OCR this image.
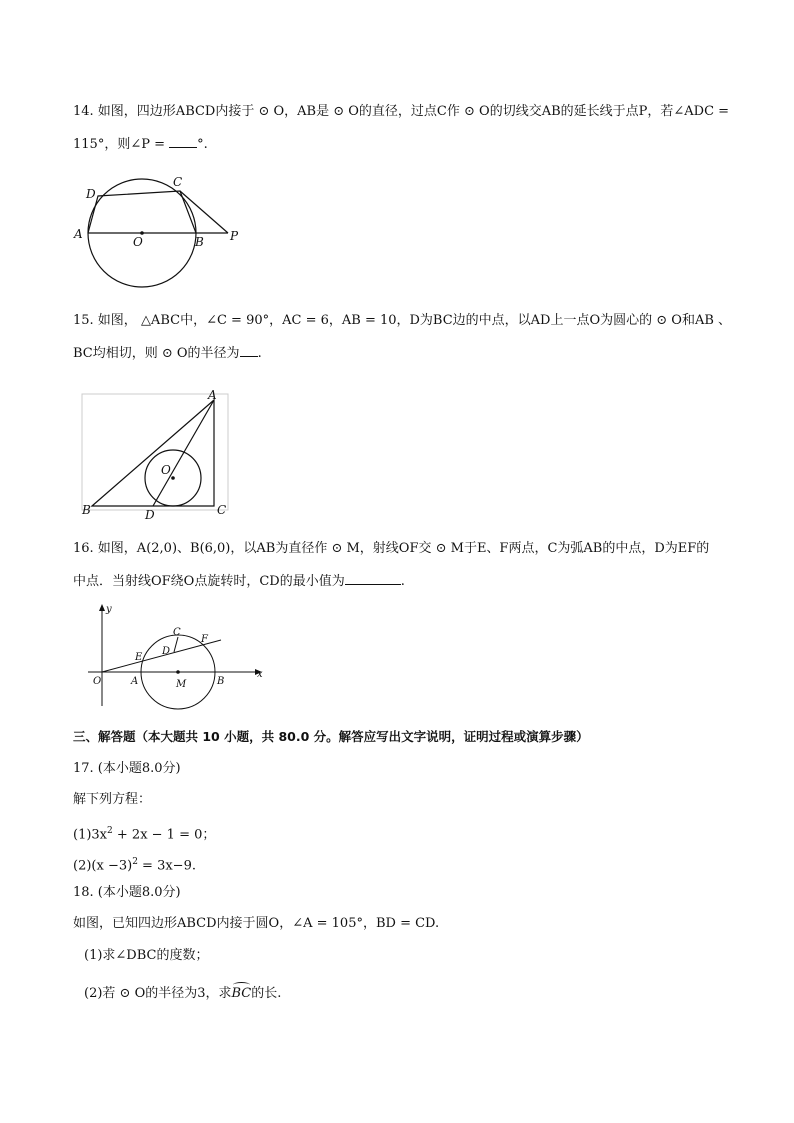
14. 如图，四边形ABCD内接于 ⊙ O，AB是 ⊙ O的直径，过点C作 ⊙ O的切线交AB的延长线于点P，若∠ADC =
115°，则∠P = °.
D
C
A
O	B P
15. 如图， △ABC中，∠C = 90°，AC = 6，AB = 10，D为BC边的中点，以AD上一点O为圆心的 ⊙ O和AB 、
BC均相切，则 ⊙ O的半径为 .
A
O
B	D	C
16. 如图，A(2,0)、B(6,0)，以AB为直径作 ⊙ M，射线OF交 ⊙ M于E、F两点，C为弧AB的中点，D为EF的
中点．当射线OF绕O点旋转时，CD的最小值为	.
y
x
O	A	M	B
C
D
E
F
三、解答题（本大题共 10 小题，共 80.0 分。解答应写出文字说明，证明过程或演算步骤）
17. (本小题8.0分)
解下列方程：
$(1)3x^2 + 2x - 1 = 0$；
$(2)(x -3)^2 = 3x-9$.
18. (本小题8.0分)
如图，已知四边形ABCD内接于圆O，∠A = 105°，BD = CD.
(1)求∠DBC的度数；
(2)若 ⊙ O的半径为3，求BC的长.
